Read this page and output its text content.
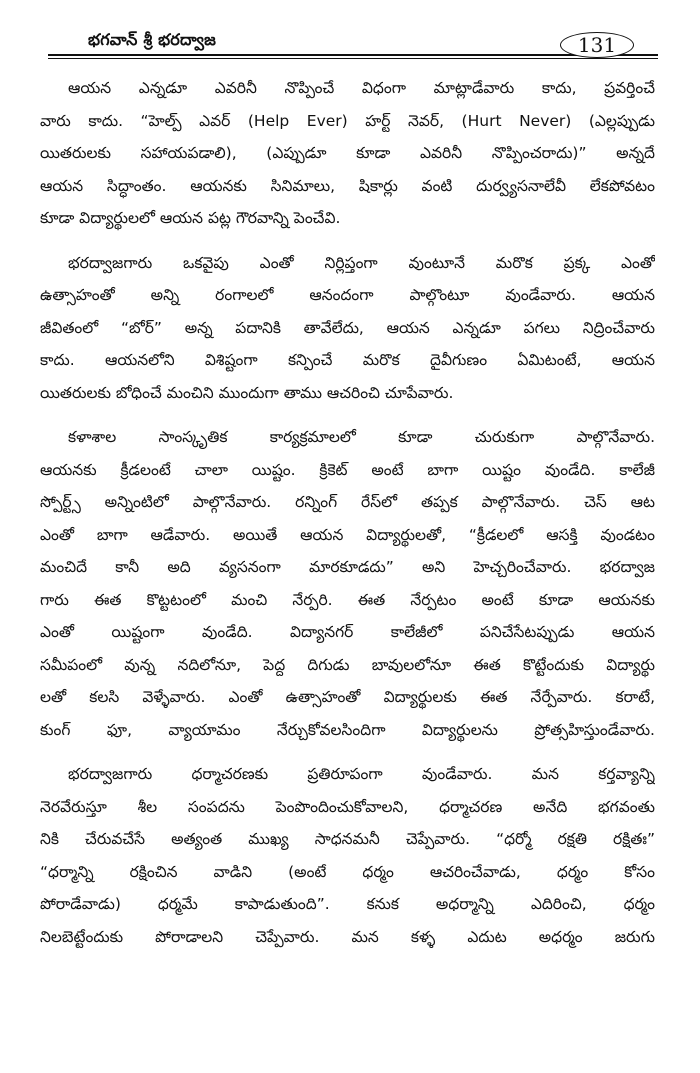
భగవాన్ శ్రీ భరద్వాజ	131
ఆయన ఎన్నడూ ఎవరినీ నొప్పించే విధంగా మాట్లాడేవారు కాదు, ప్రవర్తించే
వారు కాదు. “హెల్ప్ ఎవర్ (Help Ever) హర్ట్ నెవర్, (Hurt Never) (ఎల్లప్పుడు
యితరులకు సహాయపడాలి), (ఎప్పుడూ కూడా ఎవరినీ నొప్పించరాదు)” అన్నదే
ఆయన సిద్ధాంతం. ఆయనకు సినిమాలు, షికార్లు వంటి దుర్వ్యసనాలేవీ లేకపోవటం
కూడా విద్యార్థులలో ఆయన పట్ల గౌరవాన్ని పెంచేవి.
భరద్వాజగారు ఒకవైపు ఎంతో నిర్లిప్తంగా వుంటూనే మరొక ప్రక్క ఎంతో
ఉత్సాహంతో అన్ని రంగాలలో ఆనందంగా పాల్గొంటూ వుండేవారు. ఆయన
జీవితంలో “బోర్” అన్న పదానికి తావేలేదు, ఆయన ఎన్నడూ పగలు నిద్రించేవారు
కాదు. ఆయనలోని విశిష్టంగా కన్పించే మరొక దైవీగుణం ఏమిటంటే, ఆయన
యితరులకు బోధించే మంచిని ముందుగా తాము ఆచరించి చూపేవారు.
కళాశాల సాంస్కృతిక కార్యక్రమాలలో కూడా చురుకుగా పాల్గొనేవారు.
ఆయనకు క్రీడలంటే చాలా యిష్టం. క్రికెట్ అంటే బాగా యిష్టం వుండేది. కాలేజీ
స్పోర్ట్స్ అన్నింటిలో పాల్గొనేవారు. రన్నింగ్ రేస్‌లో తప్పక పాల్గొనేవారు. చెస్ ఆట
ఎంతో బాగా ఆడేవారు. అయితే ఆయన విద్యార్థులతో, “క్రీడలలో ఆసక్తి వుండటం
మంచిదే కానీ అది వ్యసనంగా మారకూడదు” అని హెచ్చరించేవారు. భరద్వాజ
గారు ఈత కొట్టటంలో మంచి నేర్పరి. ఈత నేర్పటం అంటే కూడా ఆయనకు
ఎంతో యిష్టంగా వుండేది. విద్యానగర్ కాలేజీలో పనిచేసేటప్పుడు ఆయన
సమీపంలో వున్న నదిలోనూ, పెద్ద దిగుడు బావులలోనూ ఈత కొట్టేందుకు విద్యార్థు
లతో కలసి వెళ్ళేవారు. ఎంతో ఉత్సాహంతో విద్యార్థులకు ఈత నేర్పేవారు. కరాటే,
కుంగ్ ఫూ, వ్యాయామం నేర్చుకోవలసిందిగా విద్యార్థులను ప్రోత్సహిస్తుండేవారు.
భరద్వాజగారు ధర్మాచరణకు ప్రతిరూపంగా వుండేవారు. మన కర్తవ్యాన్ని
నెరవేరుస్తూ శీల సంపదను పెంపొందించుకోవాలని, ధర్మాచరణ అనేది భగవంతు
నికి చేరువచేసే అత్యంత ముఖ్య సాధనమనీ చెప్పేవారు. “ధర్మో రక్షతి రక్షితః”
“ధర్మాన్ని రక్షించిన వాడిని (అంటే ధర్మం ఆచరించేవాడు, ధర్మం కోసం
పోరాడేవాడు) ధర్మమే కాపాడుతుంది”. కనుక అధర్మాన్ని ఎదిరించి, ధర్మం
నిలబెట్టేందుకు పోరాడాలని చెప్పేవారు. మన కళ్ళ ఎదుట అధర్మం జరుగు
